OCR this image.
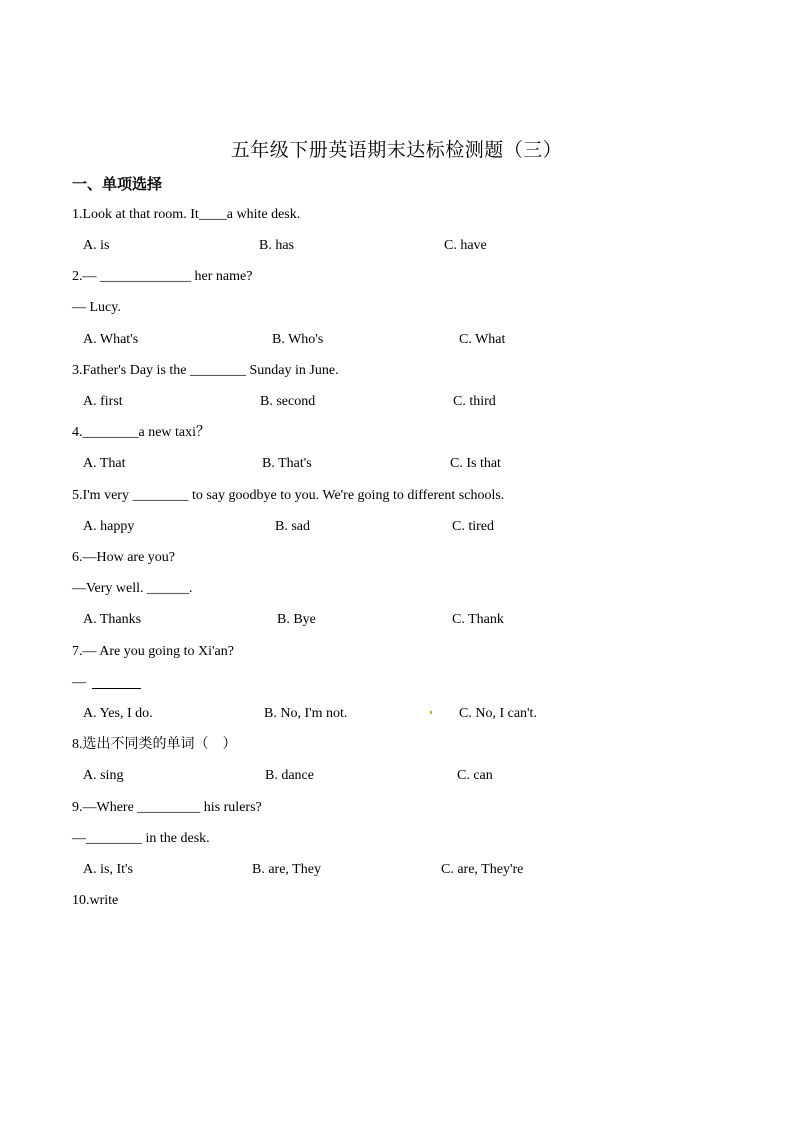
五年级下册英语期末达标检测题（三）
一、单项选择
1.Look at that room. It____a white desk.
A. is	B. has	C. have
2.— _____________ her name?
— Lucy.
A. What's	B. Who's	C. What
3.Father's Day is the ________ Sunday in June.
A. first	B. second	C. third
4.________a new taxi？
A. That	B. That's	C. Is that
5.I'm very ________ to say goodbye to you. We're going to different schools.
A. happy	B. sad	C. tired
6.—How are you?
—Very well. ______.
A. Thanks	B. Bye	C. Thank
7.— Are you going to Xi'an?
—
A. Yes, I do.	B. No, I'm not.	C. No, I can't.
8.选出不同类的单词（    ）
A. sing	B. dance	C. can
9.—Where _________ his rulers?
—________ in the desk.
A. is, It's	B. are, They	C. are, They're
10.write
